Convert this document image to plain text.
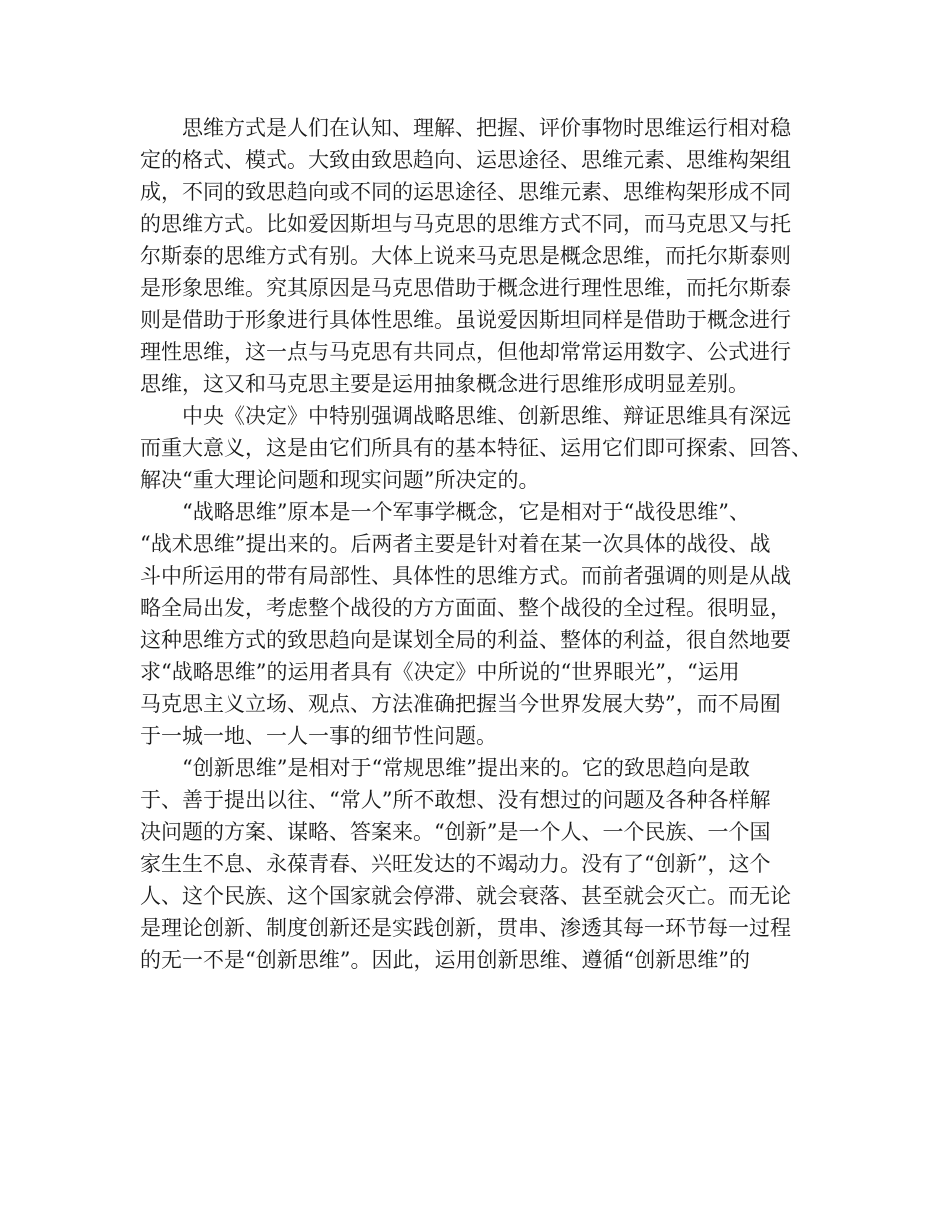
思维方式是人们在认知、理解、把握、评价事物时思维运行相对稳
定的格式、模式。大致由致思趋向、运思途径、思维元素、思维构架组
成，不同的致思趋向或不同的运思途径、思维元素、思维构架形成不同
的思维方式。比如爱因斯坦与马克思的思维方式不同，而马克思又与托
尔斯泰的思维方式有别。大体上说来马克思是概念思维，而托尔斯泰则
是形象思维。究其原因是马克思借助于概念进行理性思维，而托尔斯泰
则是借助于形象进行具体性思维。虽说爱因斯坦同样是借助于概念进行
理性思维，这一点与马克思有共同点，但他却常常运用数字、公式进行
思维，这又和马克思主要是运用抽象概念进行思维形成明显差别。
中央《决定》中特别强调战略思维、创新思维、辩证思维具有深远
而重大意义，这是由它们所具有的基本特征、运用它们即可探索、回答、
解决“重大理论问题和现实问题”所决定的。
“战略思维”原本是一个军事学概念，它是相对于“战役思维”、
“战术思维”提出来的。后两者主要是针对着在某一次具体的战役、战
斗中所运用的带有局部性、具体性的思维方式。而前者强调的则是从战
略全局出发，考虑整个战役的方方面面、整个战役的全过程。很明显，
这种思维方式的致思趋向是谋划全局的利益、整体的利益，很自然地要
求“战略思维”的运用者具有《决定》中所说的“世界眼光”，“运用
马克思主义立场、观点、方法准确把握当今世界发展大势”，而不局囿
于一城一地、一人一事的细节性问题。
“创新思维”是相对于“常规思维”提出来的。它的致思趋向是敢
于、善于提出以往、“常人”所不敢想、没有想过的问题及各种各样解
决问题的方案、谋略、答案来。“创新”是一个人、一个民族、一个国
家生生不息、永葆青春、兴旺发达的不竭动力。没有了“创新”，这个
人、这个民族、这个国家就会停滞、就会衰落、甚至就会灭亡。而无论
是理论创新、制度创新还是实践创新，贯串、渗透其每一环节每一过程
的无一不是“创新思维”。因此，运用创新思维、遵循“创新思维”的
